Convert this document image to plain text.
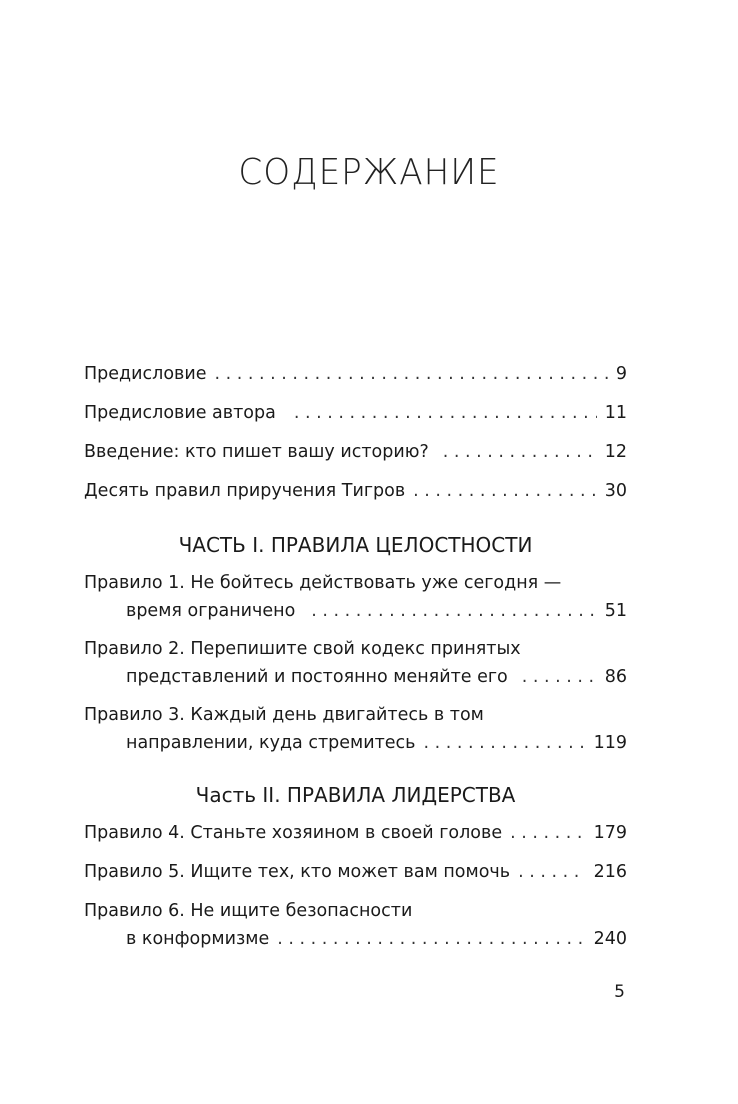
СОДЕРЖАНИЕ
Предисловие . . .	9
Предисловие автора . . .	11
Введение: кто пишет вашу историю? . . .	12
Десять правил приручения Тигров . . .	30
ЧАСТЬ I. ПРАВИЛА ЦЕЛОСТНОСТИ
Правило 1. Не бойтесь действовать уже сегодня —
время ограничено . . .	51
Правило 2. Перепишите свой кодекс принятых
представлений и постоянно меняйте его . . .	86
Правило 3. Каждый день двигайтесь в том
направлении, куда стремитесь . . .	119
Часть II. ПРАВИЛА ЛИДЕРСТВА
Правило 4. Станьте хозяином в своей голове . . .	179
Правило 5. Ищите тех, кто может вам помочь . . .	216
Правило 6. Не ищите безопасности
в конформизме . . .	240
5
